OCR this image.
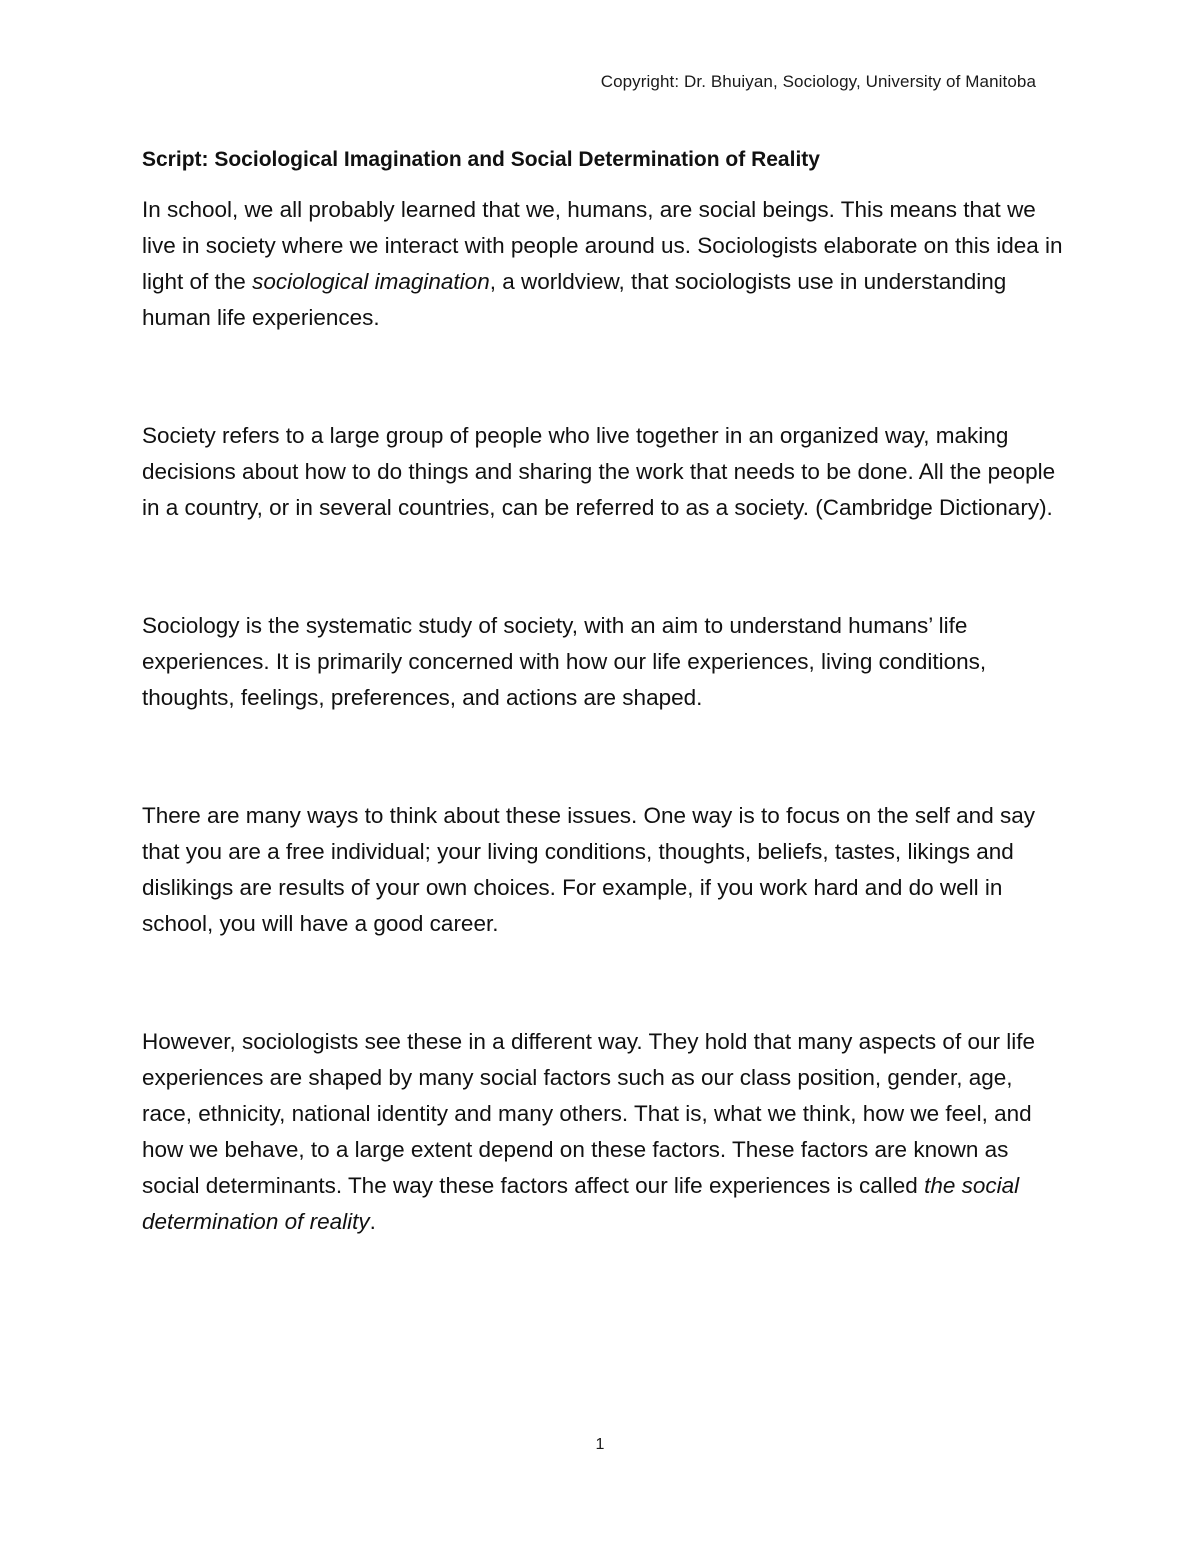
Copyright: Dr. Bhuiyan, Sociology, University of Manitoba

Script: Sociological Imagination and Social Determination of Reality

In school, we all probably learned that we, humans, are social beings. This means that we live in society where we interact with people around us. Sociologists elaborate on this idea in light of the sociological imagination, a worldview, that sociologists use in understanding human life experiences.

Society refers to a large group of people who live together in an organized way, making decisions about how to do things and sharing the work that needs to be done. All the people in a country, or in several countries, can be referred to as a society. (Cambridge Dictionary).

Sociology is the systematic study of society, with an aim to understand humans’ life experiences. It is primarily concerned with how our life experiences, living conditions, thoughts, feelings, preferences, and actions are shaped.

There are many ways to think about these issues. One way is to focus on the self and say that you are a free individual; your living conditions, thoughts, beliefs, tastes, likings and dislikings are results of your own choices. For example, if you work hard and do well in school, you will have a good career.

However, sociologists see these in a different way. They hold that many aspects of our life experiences are shaped by many social factors such as our class position, gender, age, race, ethnicity, national identity and many others. That is, what we think, how we feel, and how we behave, to a large extent depend on these factors. These factors are known as social determinants. The way these factors affect our life experiences is called the social determination of reality.

1
